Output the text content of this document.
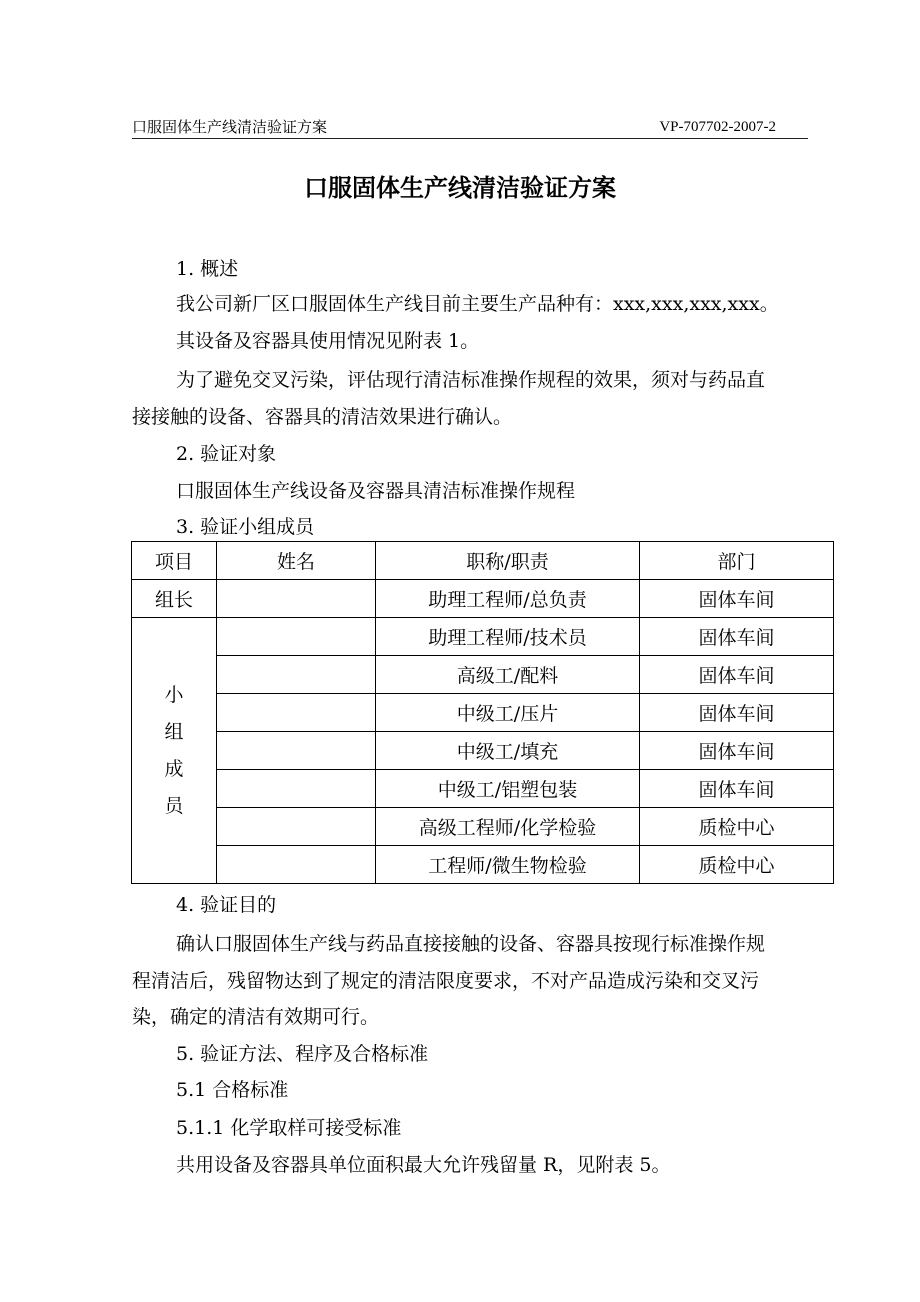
口服固体生产线清洁验证方案	VP-707702-2007-2
口服固体生产线清洁验证方案
1. 概述
我公司新厂区口服固体生产线目前主要生产品种有：xxx,xxx,xxx,xxx。
其设备及容器具使用情况见附表 1。
为了避免交叉污染，评估现行清洁标准操作规程的效果，须对与药品直
接接触的设备、容器具的清洁效果进行确认。
2. 验证对象
口服固体生产线设备及容器具清洁标准操作规程
3. 验证小组成员
项目	姓名	职称/职责	部门
组长		助理工程师/总负责	固体车间

小
组
成
员		助理工程师/技术员	固体车间
		高级工/配料	固体车间
		中级工/压片	固体车间
		中级工/填充	固体车间
		中级工/铝塑包装	固体车间
		高级工程师/化学检验	质检中心
		工程师/微生物检验	质检中心
4. 验证目的
确认口服固体生产线与药品直接接触的设备、容器具按现行标准操作规
程清洁后，残留物达到了规定的清洁限度要求，不对产品造成污染和交叉污
染，确定的清洁有效期可行。
5. 验证方法、程序及合格标准
5.1 合格标准
5.1.1 化学取样可接受标准
共用设备及容器具单位面积最大允许残留量 R，见附表 5。
